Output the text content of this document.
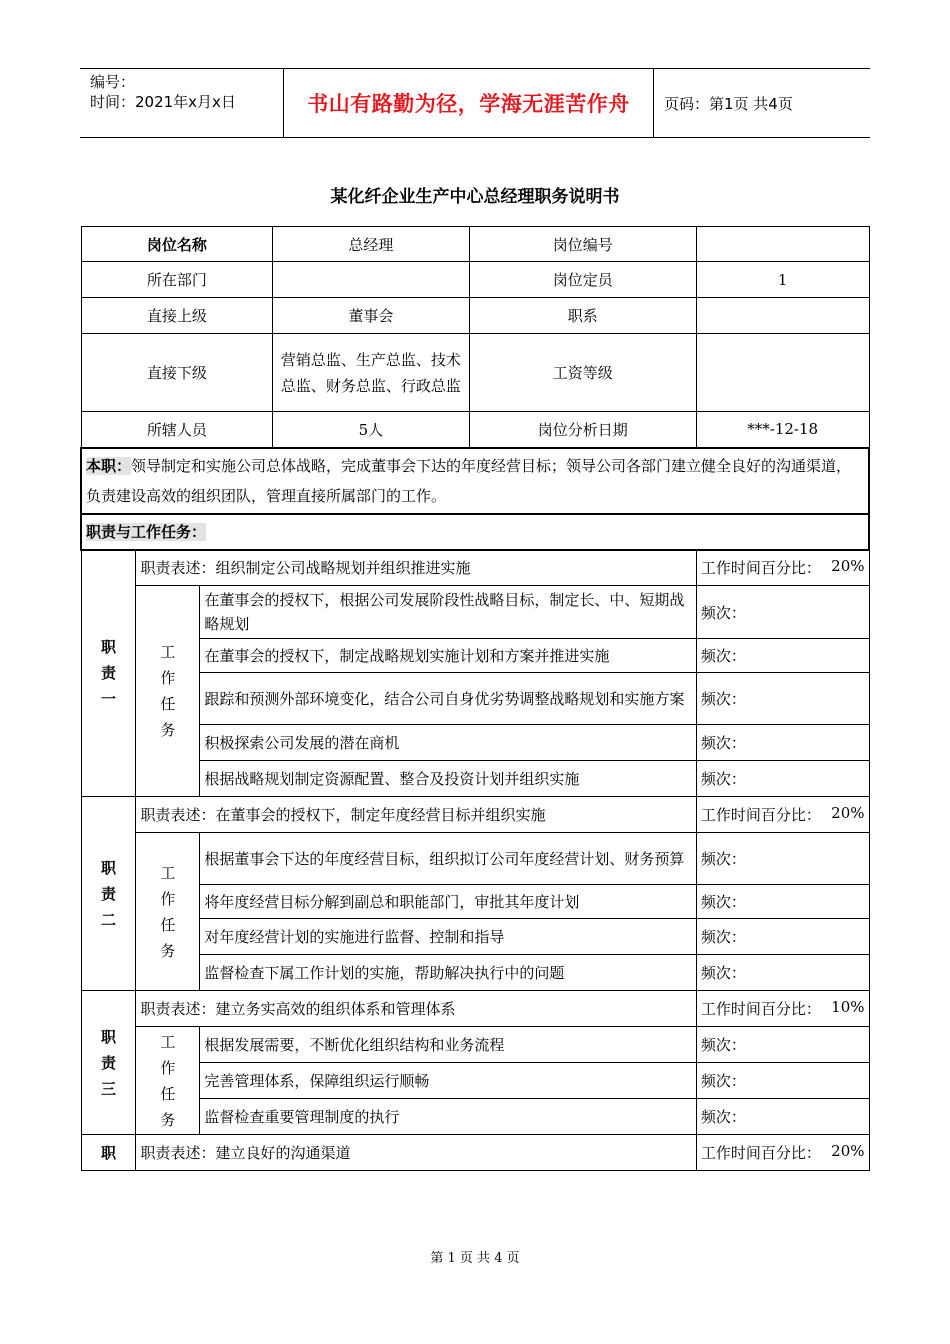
编号：
时间：2021年x月x日	书山有路勤为径，学海无涯苦作舟 页码：第1页 共4页
某化纤企业生产中心总经理职务说明书
岗位名称			总经理	岗位编号	
所在部门				岗位定员	1
直接上级			董事会	职系	
直接下级			营销总监、生产总监、技术总监、财务总监、行政总监	工资等级	
所辖人员			5人	岗位分析日期	***-12-18
本职：领导制定和实施公司总体战略，完成董事会下达的年度经营目标；领导公司各部门建立健全良好的沟通渠道，负责建设高效的组织团队，管理直接所属部门的工作。					
职责与工作任务：					
职责一	职责表述：组织制定公司战略规划并组织推进实施				工作时间百分比： 20%

	工作任务	在董事会的授权下，根据公司发展阶段性战略目标，制定长、中、短期战略规划			频次：
		在董事会的授权下，制定战略规划实施计划和方案并推进实施			频次：
		跟踪和预测外部环境变化，结合公司自身优劣势调整战略规划和实施方案			频次：
		积极探索公司发展的潜在商机			频次：
		根据战略规划制定资源配置、整合及投资计划并组织实施			频次：
职责二	职责表述：在董事会的授权下，制定年度经营目标并组织实施				工作时间百分比： 20%

	工作任务	根据董事会下达的年度经营目标，组织拟订公司年度经营计划、财务预算			频次：
		将年度经营目标分解到副总和职能部门，审批其年度计划			频次：
		对年度经营计划的实施进行监督、控制和指导			频次：
		监督检查下属工作计划的实施，帮助解决执行中的问题			频次：
职责三	职责表述：建立务实高效的组织体系和管理体系				工作时间百分比： 10%

	工作任务	根据发展需要，不断优化组织结构和业务流程			频次：
		完善管理体系，保障组织运行顺畅			频次：
		监督检查重要管理制度的执行			频次：
职	职责表述：建立良好的沟通渠道				工作时间百分比： 20%
第 1 页 共 4 页
